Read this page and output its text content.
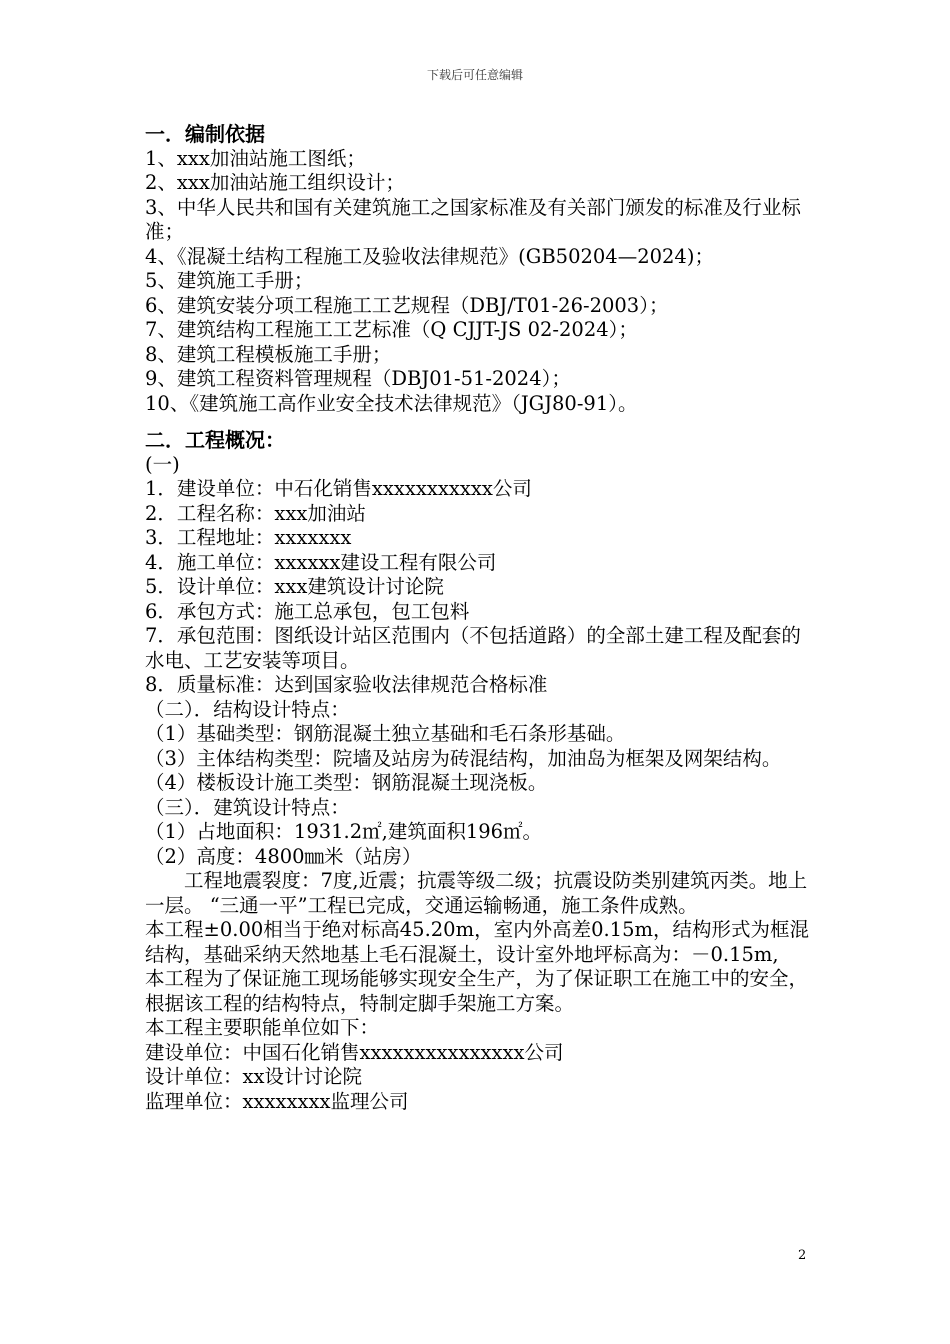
下载后可任意编辑

一．编制依据

1、xxx加油站施工图纸；

2、xxx加油站施工组织设计；

3、中华人民共和国有关建筑施工之国家标准及有关部门颁发的标准及行业标准；

4、《混凝土结构工程施工及验收法律规范》(GB50204—2024)；

5、建筑施工手册；

6、建筑安装分项工程施工工艺规程（DBJ/T01-26-2003）；

7、建筑结构工程施工工艺标准（Q CJJT-JS 02-2024）；

8、建筑工程模板施工手册；

9、建筑工程资料管理规程（DBJ01-51-2024）；

10、《建筑施工高作业安全技术法律规范》（JGJ80-91）。

二．工程概况：

(一)

1．建设单位：中石化销售xxxxxxxxxxx公司

2．工程名称：xxx加油站

3．工程地址：xxxxxxx

4．施工单位：xxxxxx建设工程有限公司

5．设计单位：xxx建筑设计讨论院

6．承包方式：施工总承包，包工包料

7．承包范围：图纸设计站区范围内（不包括道路）的全部土建工程及配套的水电、工艺安装等项目。

8．质量标准：达到国家验收法律规范合格标准

（二）．结构设计特点：

（1）基础类型：钢筋混凝土独立基础和毛石条形基础。

（3）主体结构类型：院墙及站房为砖混结构，加油岛为框架及网架结构。

（4）楼板设计施工类型：钢筋混凝土现浇板。

（三）．建筑设计特点：

（1）占地面积：1931.2㎡,建筑面积196㎡。

（2）高度：4800㎜米（站房）

工程地震裂度：7度,近震；抗震等级二级；抗震设防类别建筑丙类。地上一层。 “三通一平”工程已完成，交通运输畅通，施工条件成熟。

本工程±0.00相当于绝对标高45.20m，室内外高差0.15m，结构形式为框混结构，基础采纳天然地基上毛石混凝土，设计室外地坪标高为：－0.15m,

本工程为了保证施工现场能够实现安全生产，为了保证职工在施工中的安全，根据该工程的结构特点，特制定脚手架施工方案。

本工程主要职能单位如下：

建设单位：中国石化销售xxxxxxxxxxxxxxx公司

设计单位：xx设计讨论院

监理单位：xxxxxxxx监理公司

2
